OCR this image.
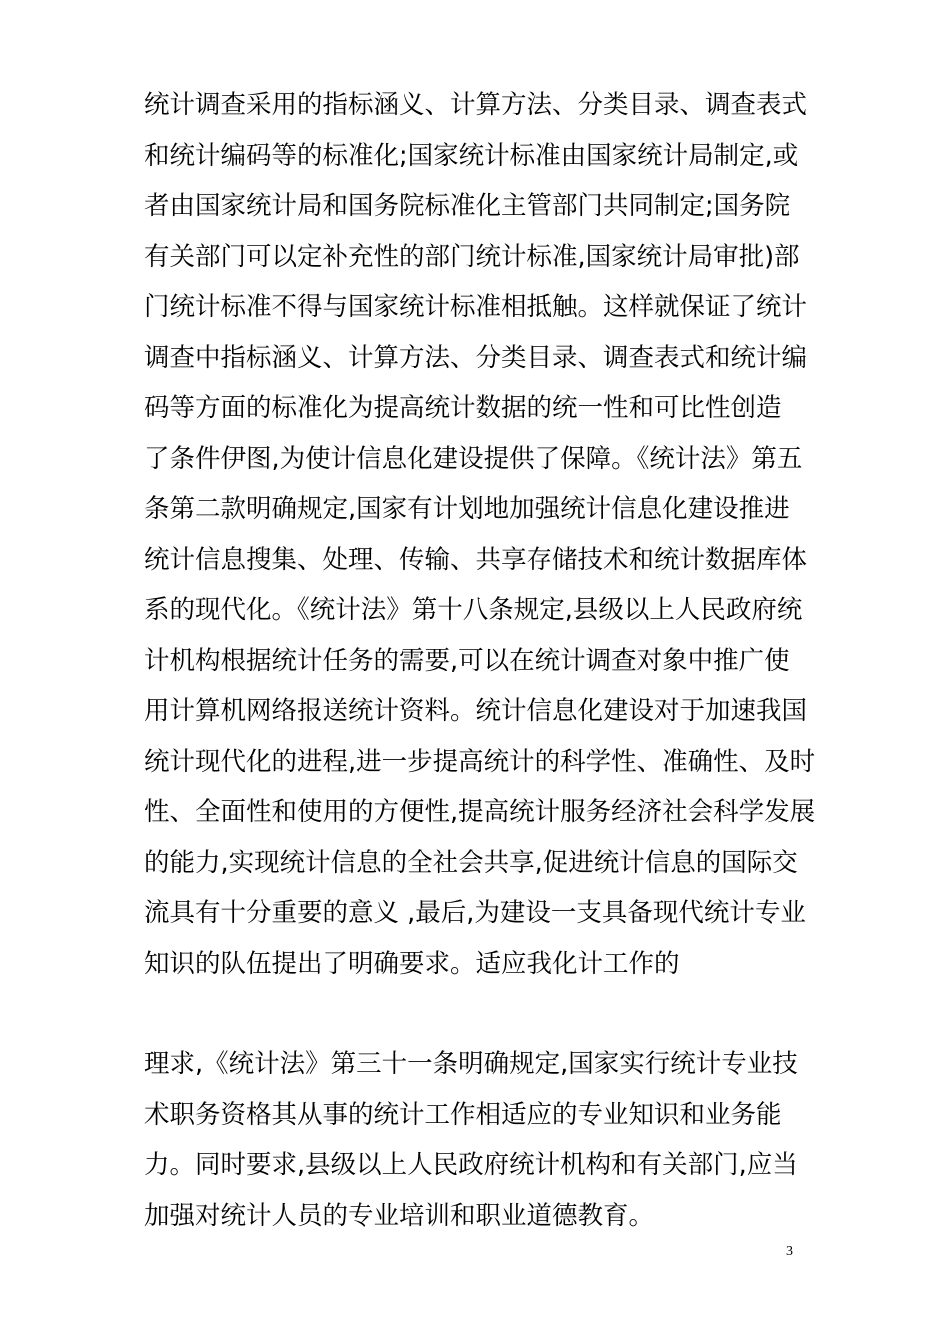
统计调查采用的指标涵义、计算方法、分类目录、调查表式
和统计编码等的标准化;国家统计标准由国家统计局制定,或
者由国家统计局和国务院标准化主管部门共同制定;国务院
有关部门可以定补充性的部门统计标准,国家统计局审批)部
门统计标准不得与国家统计标准相抵触。这样就保证了统计
调查中指标涵义、计算方法、分类目录、调查表式和统计编
码等方面的标准化为提高统计数据的统一性和可比性创造
了条件伊图,为使计信息化建设提供了保障。《统计法》第五
条第二款明确规定,国家有计划地加强统计信息化建设推进
统计信息搜集、处理、传输、共享存储技术和统计数据库体
系的现代化。《统计法》第十八条规定,县级以上人民政府统
计机构根据统计任务的需要,可以在统计调查对象中推广使
用计算机网络报送统计资料。统计信息化建设对于加速我国
统计现代化的进程,进一步提高统计的科学性、准确性、及时
性、全面性和使用的方便性,提高统计服务经济社会科学发展
的能力,实现统计信息的全社会共享,促进统计信息的国际交
流具有十分重要的意义 ,最后,为建设一支具备现代统计专业
知识的队伍提出了明确要求。适应我化计工作的
理求,《统计法》第三十一条明确规定,国家实行统计专业技
术职务资格其从事的统计工作相适应的专业知识和业务能
力。同时要求,县级以上人民政府统计机构和有关部门,应当
加强对统计人员的专业培训和职业道德教育。
3
